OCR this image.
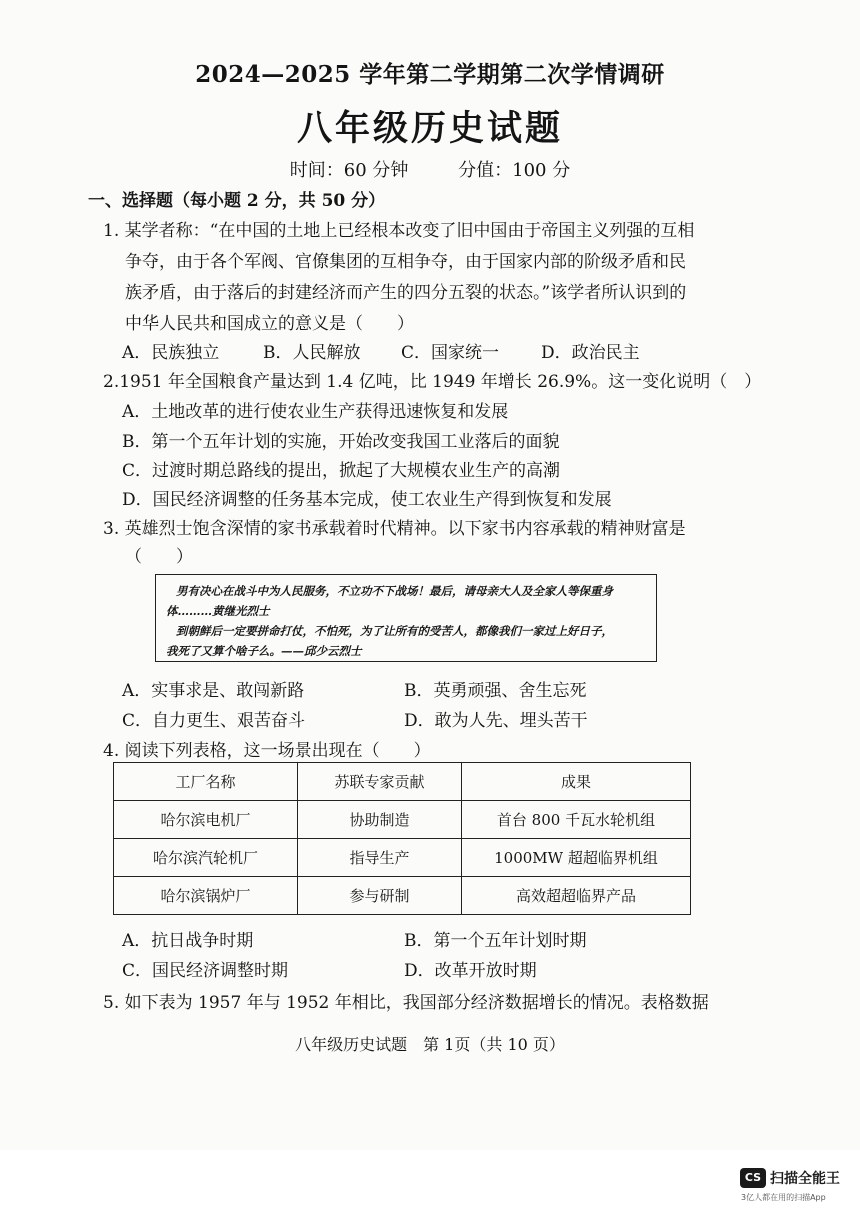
2024—2025 学年第二学期第二次学情调研
八年级历史试题
时间：60 分钟	分值：100 分
一、选择题（每小题 2 分，共 50 分）
1. 某学者称：“在中国的土地上已经根本改变了旧中国由于帝国主义列强的互相
争夺，由于各个军阀、官僚集团的互相争夺，由于国家内部的阶级矛盾和民
族矛盾，由于落后的封建经济而产生的四分五裂的状态。”该学者所认识到的
中华人民共和国成立的意义是（　　）
A．民族独立	B．人民解放 C．国家统一 D．政治民主
2.1951 年全国粮食产量达到 1.4 亿吨，比 1949 年增长 26.9%。这一变化说明（　）
A．土地改革的进行使农业生产获得迅速恢复和发展
B．第一个五年计划的实施，开始改变我国工业落后的面貌
C．过渡时期总路线的提出，掀起了大规模农业生产的高潮
D．国民经济调整的任务基本完成，使工农业生产得到恢复和发展
3. 英雄烈士饱含深情的家书承载着时代精神。以下家书内容承载的精神财富是
（　　）
男有决心在战斗中为人民服务，不立功不下战场！最后，请母亲大人及全家人等保重身
体………黄继光烈士
到朝鲜后一定要拼命打仗，不怕死，为了让所有的受苦人，都像我们一家过上好日子，
我死了又算个啥子么。——邱少云烈士
A．实事求是、敢闯新路	B．英勇顽强、舍生忘死
C．自力更生、艰苦奋斗	D．敢为人先、埋头苦干
4. 阅读下列表格，这一场景出现在（　　）
工厂名称	苏联专家贡献	成果
哈尔滨电机厂	协助制造	首台 800 千瓦水轮机组
哈尔滨汽轮机厂	指导生产	1000MW 超超临界机组
哈尔滨锅炉厂	参与研制	高效超超临界产品
A．抗日战争时期	B．第一个五年计划时期
C．国民经济调整时期	D．改革开放时期
5. 如下表为 1957 年与 1952 年相比，我国部分经济数据增长的情况。表格数据
八年级历史试题　第 1页（共 10 页）
CS 扫描全能王
3亿人都在用的扫描App
